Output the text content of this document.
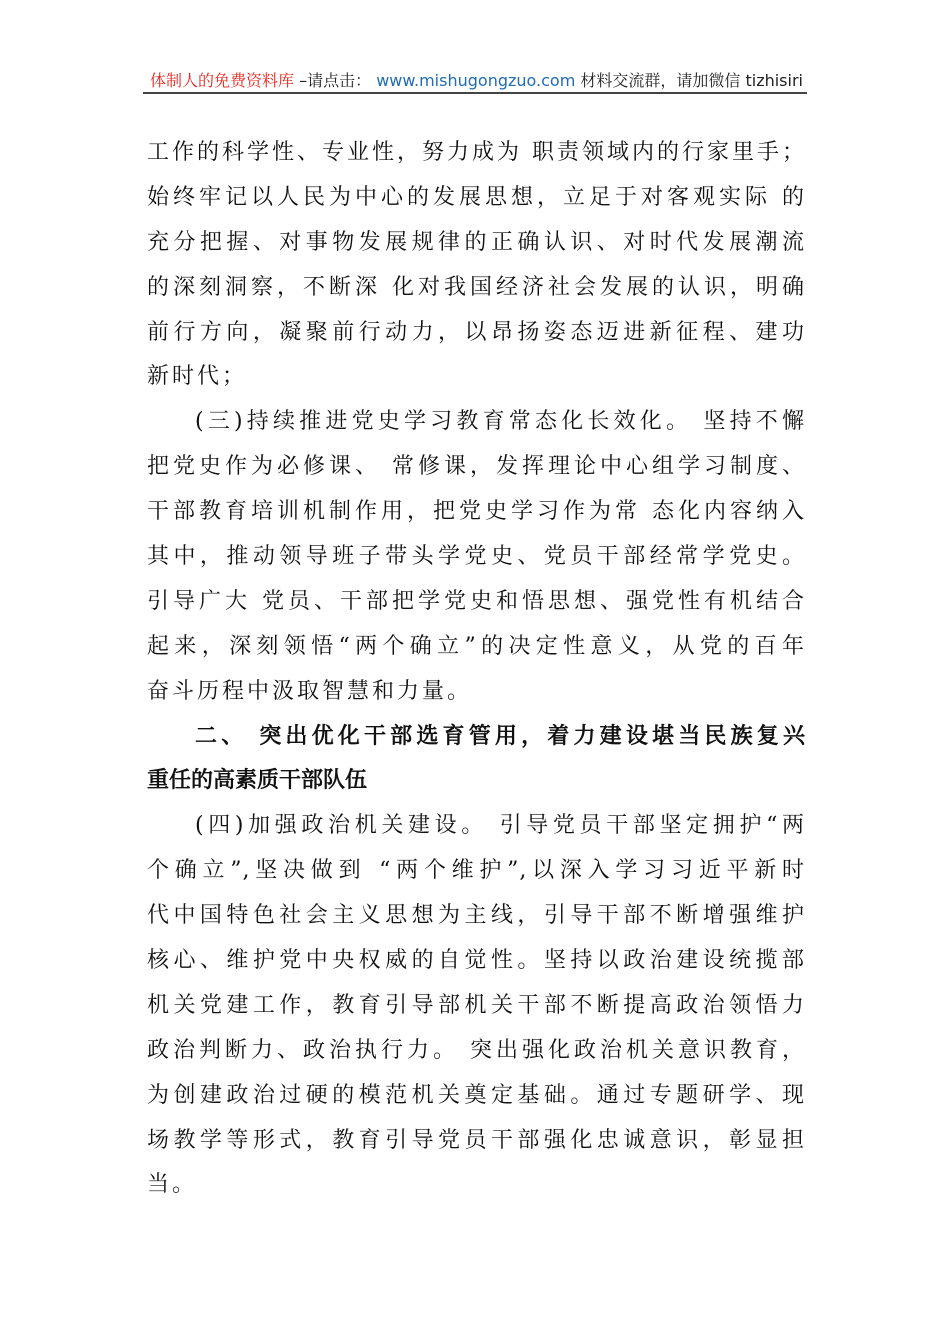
体制人的免费资料库 –请点击： www.mishugongzuo.com 材料交流群，请加微信 tizhisiri
工作的科学性、专业性，努力成为 职责领域内的行家里手；
始终牢记以人民为中心的发展思想，立足于对客观实际 的
充分把握、对事物发展规律的正确认识、对时代发展潮流
的深刻洞察，不断深 化对我国经济社会发展的认识，明确
前行方向，凝聚前行动力，以昂扬姿态迈进新征程、建功
新时代；
(三)持续推进党史学习教育常态化长效化。 坚持不懈
把党史作为必修课、 常修课，发挥理论中心组学习制度、
干部教育培训机制作用，把党史学习作为常 态化内容纳入
其中，推动领导班子带头学党史、党员干部经常学党史。
引导广大 党员、干部把学党史和悟思想、强党性有机结合
起来，深刻领悟“两个确立”的决定性意义，从党的百年
奋斗历程中汲取智慧和力量。
二、 突出优化干部选育管用，着力建设堪当民族复兴
重任的高素质干部队伍
(四)加强政治机关建设。 引导党员干部坚定拥护“两
个确立”,坚决做到 “两个维护”,以深入学习习近平新时
代中国特色社会主义思想为主线，引导干部不断增强维护
核心、维护党中央权威的自觉性。坚持以政治建设统揽部
机关党建工作，教育引导部机关干部不断提高政治领悟力
政治判断力、政治执行力。 突出强化政治机关意识教育，
为创建政治过硬的模范机关奠定基础。通过专题研学、现
场教学等形式，教育引导党员干部强化忠诚意识，彰显担
当。
